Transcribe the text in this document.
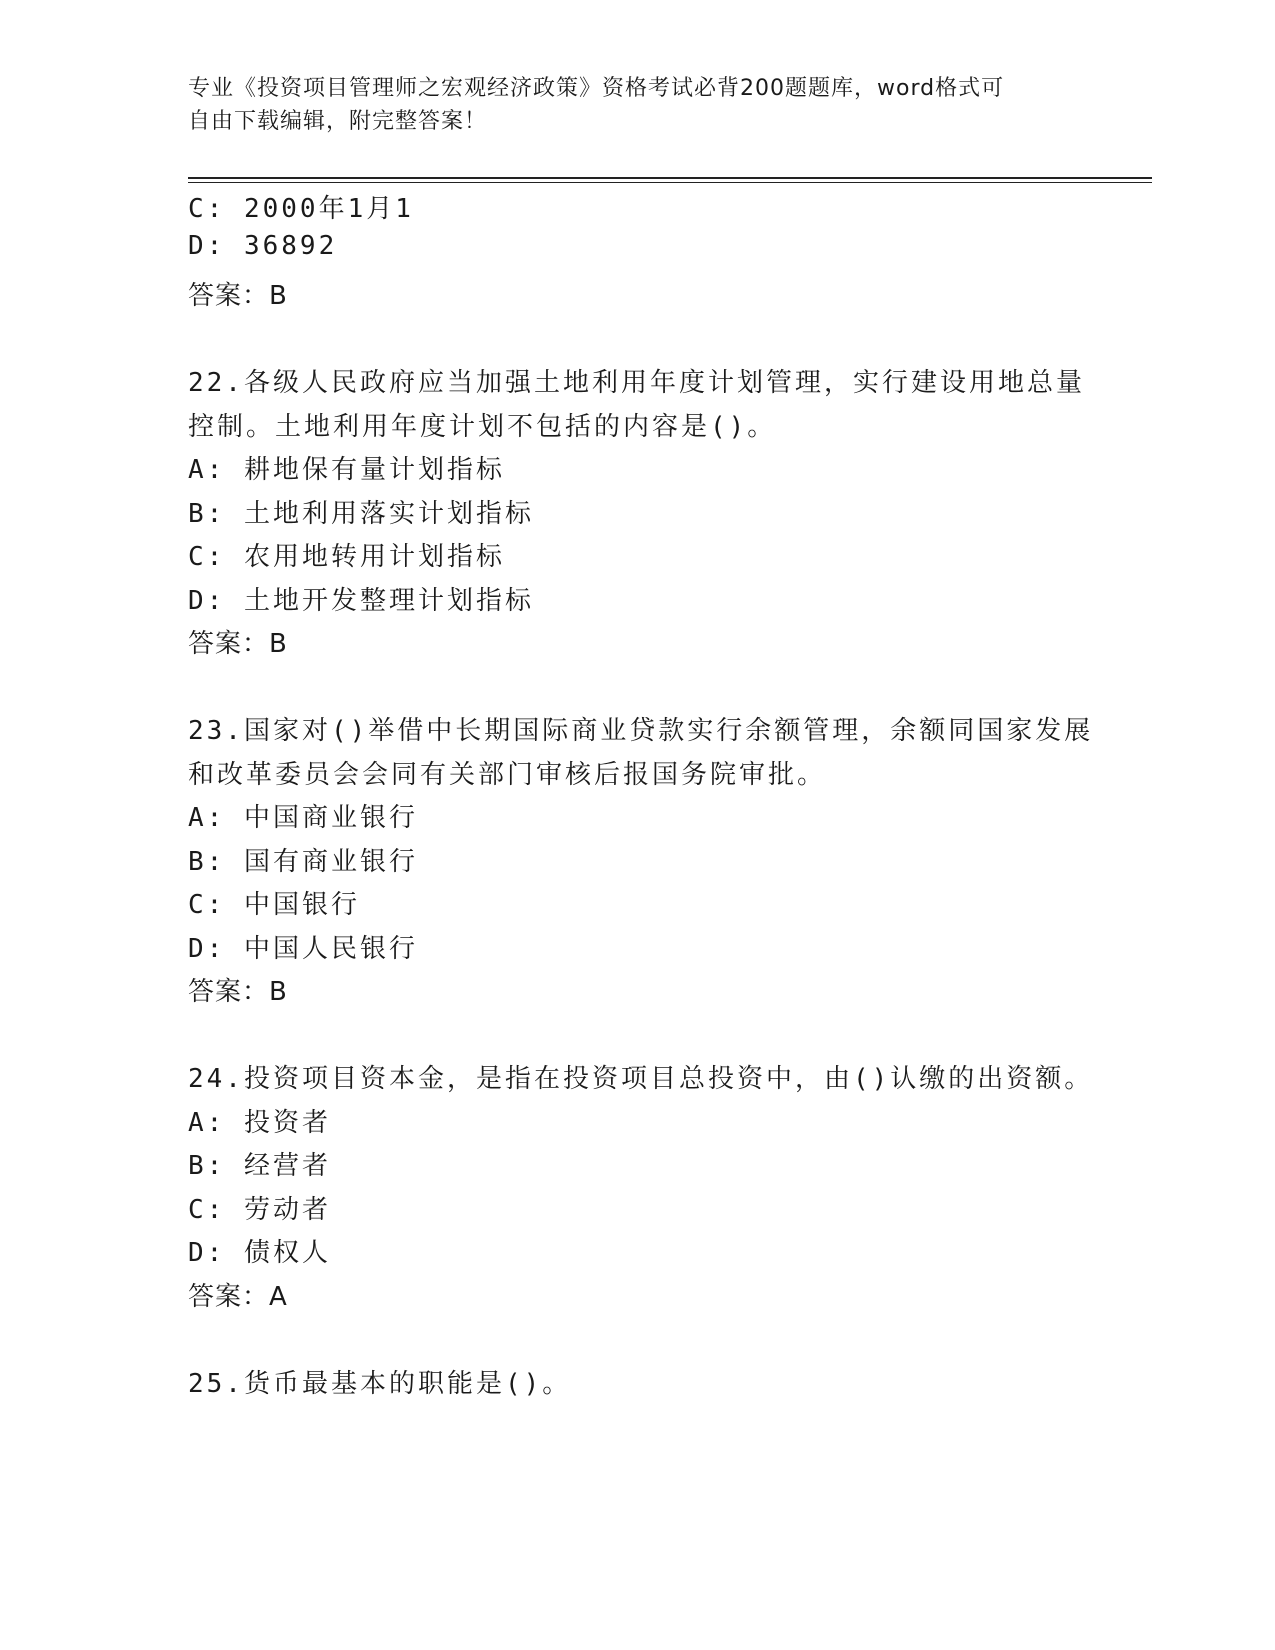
专业《投资项目管理师之宏观经济政策》资格考试必背200题题库，word格式可
自由下载编辑，附完整答案！
C: 2000年1月1
D: 36892
答案：B
22.各级人民政府应当加强土地利用年度计划管理，实行建设用地总量
控制。土地利用年度计划不包括的内容是()。
A: 耕地保有量计划指标
B: 土地利用落实计划指标
C: 农用地转用计划指标
D: 土地开发整理计划指标
答案：B
23.国家对()举借中长期国际商业贷款实行余额管理，余额同国家发展
和改革委员会会同有关部门审核后报国务院审批。
A: 中国商业银行
B: 国有商业银行
C: 中国银行
D: 中国人民银行
答案：B
24.投资项目资本金，是指在投资项目总投资中，由()认缴的出资额。
A: 投资者
B: 经营者
C: 劳动者
D: 债权人
答案：A
25.货币最基本的职能是()。
